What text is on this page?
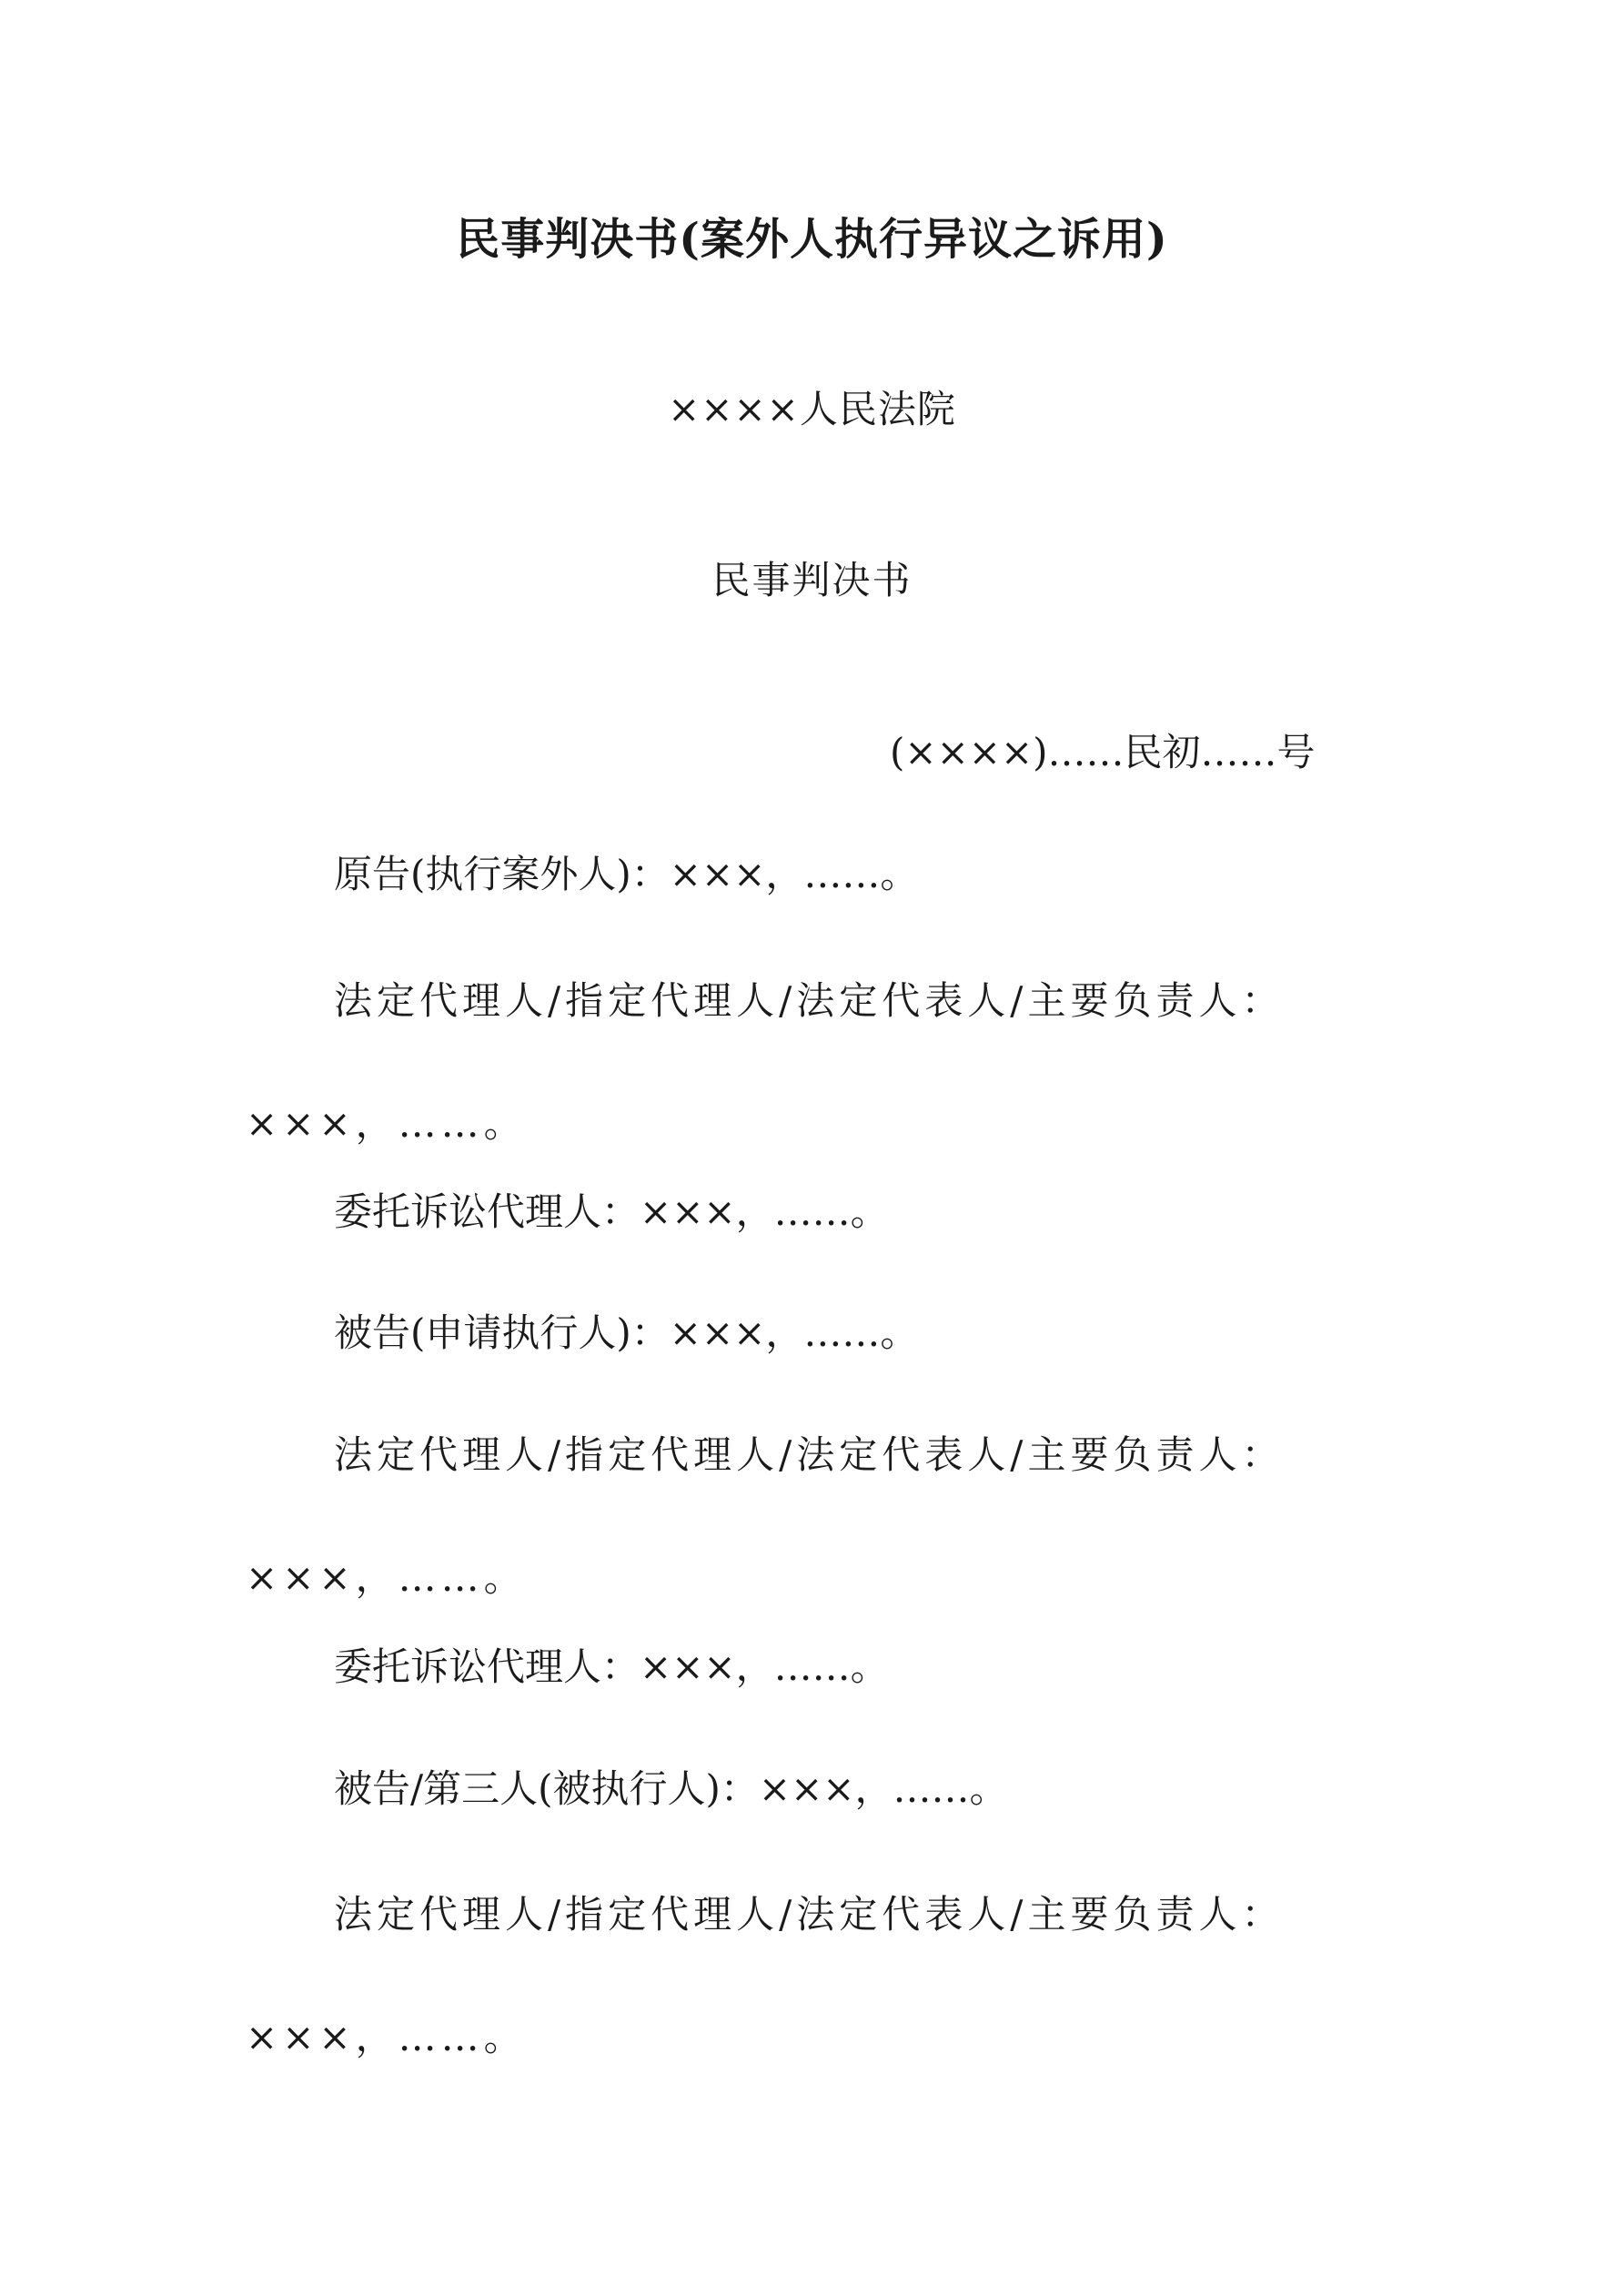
民事判决书(案外人执行异议之诉用)
××××人民法院
民事判决书
(××××)……民初……号

原告(执行案外人)：×××，……。

法定代理人/指定代理人/法定代表人/主要负责人：×××，……。

委托诉讼代理人：×××，……。

被告(申请执行人)：×××，……。

法定代理人/指定代理人/法定代表人/主要负责人：×××，……。

委托诉讼代理人：×××，……。

被告/第三人(被执行人)：×××，……。

法定代理人/指定代理人/法定代表人/主要负责人：×××，……。
